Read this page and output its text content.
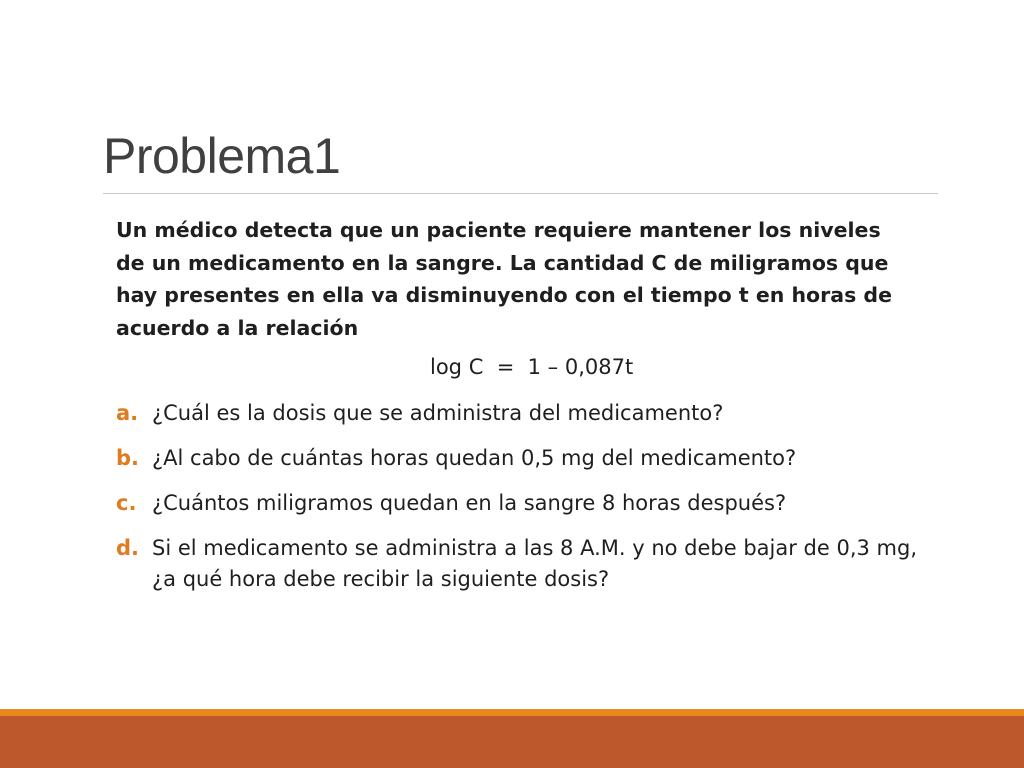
Problema1

Un médico detecta que un paciente requiere mantener los niveles de un medicamento en la sangre. La cantidad C de miligramos que hay presentes en ella va disminuyendo con el tiempo t en horas de acuerdo a la relación

log C  =  1 – 0,087t
a. ¿Cuál es la dosis que se administra del medicamento?
b. ¿Al cabo de cuántas horas quedan 0,5 mg del medicamento?
c. ¿Cuántos miligramos quedan en la sangre 8 horas después?
d. Si el medicamento se administra a las 8 A.M. y no debe bajar de 0,3 mg, ¿a qué hora debe recibir la siguiente dosis?
